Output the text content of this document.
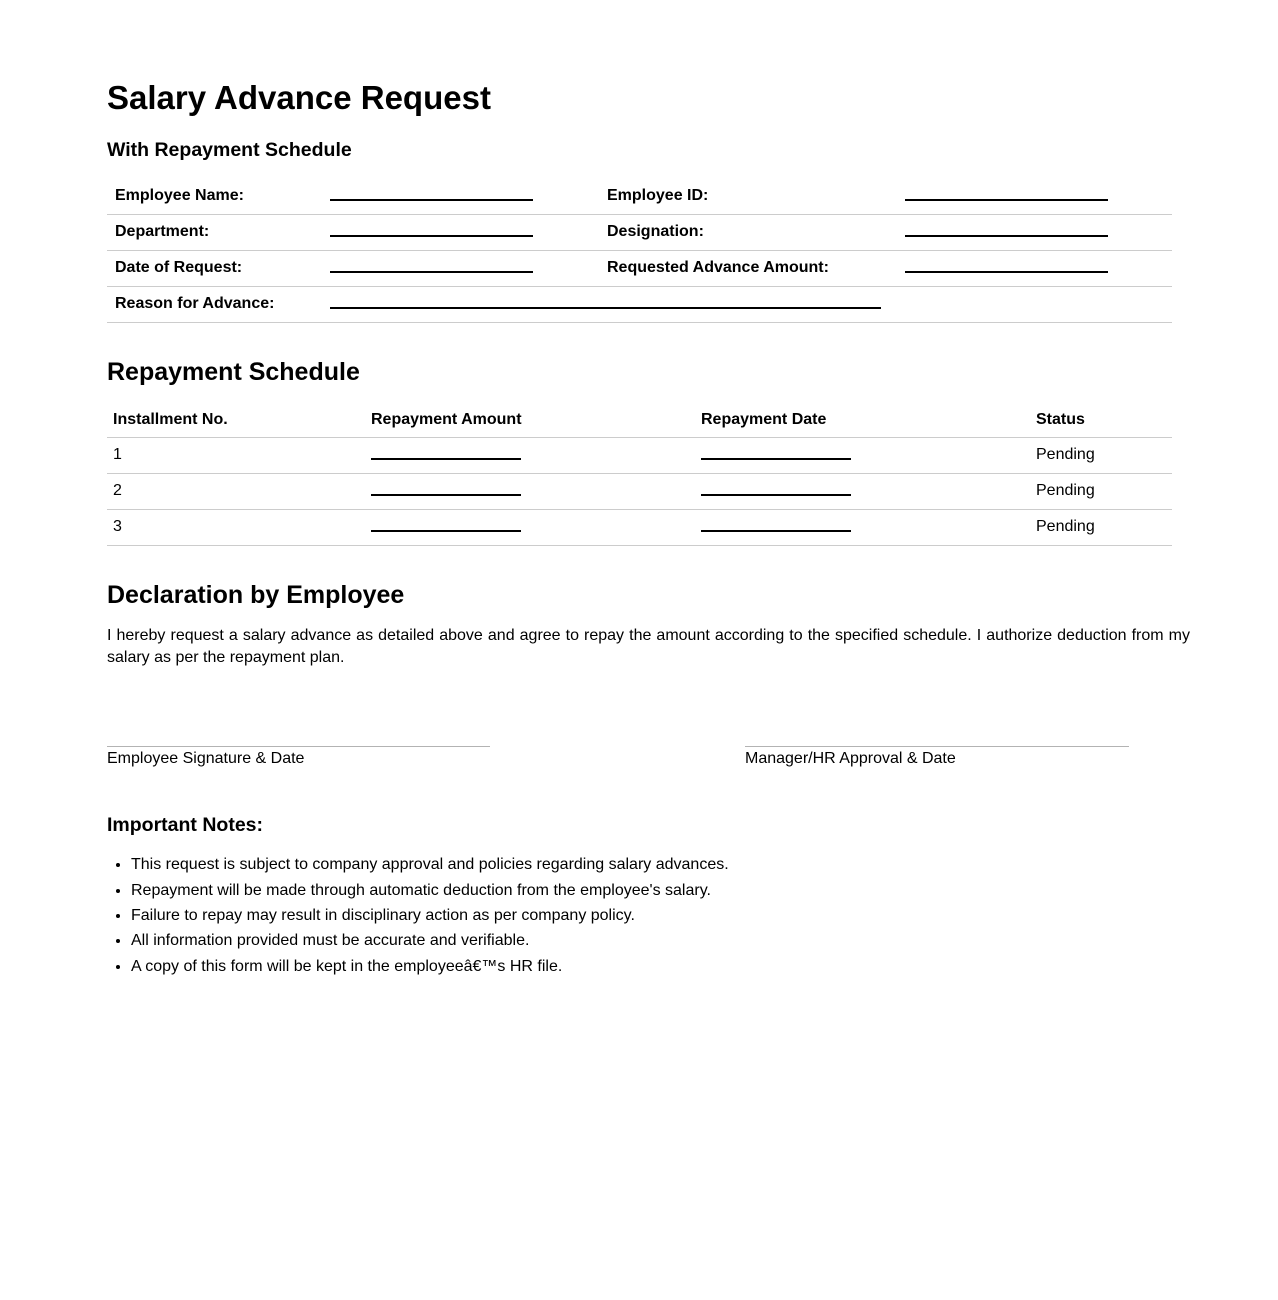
Salary Advance Request
With Repayment Schedule
Employee Name:		Employee ID:	
Department:		Designation:	
Date of Request:		Requested Advance Amount:	
Reason for Advance:			
Repayment Schedule
Installment No.	Repayment Amount	Repayment Date	Status
1			Pending
2			Pending
3			Pending
Declaration by Employee

I hereby request a salary advance as detailed above and agree to repay the amount according to the specified schedule. I authorize deduction from my salary as per the repayment plan.

Employee Signature & Date	Manager/HR Approval & Date
Important Notes:
• This request is subject to company approval and policies regarding salary advances.
• Repayment will be made through automatic deduction from the employee's salary.
• Failure to repay may result in disciplinary action as per company policy.
• All information provided must be accurate and verifiable.
• A copy of this form will be kept in the employeeâ€™s HR file.
